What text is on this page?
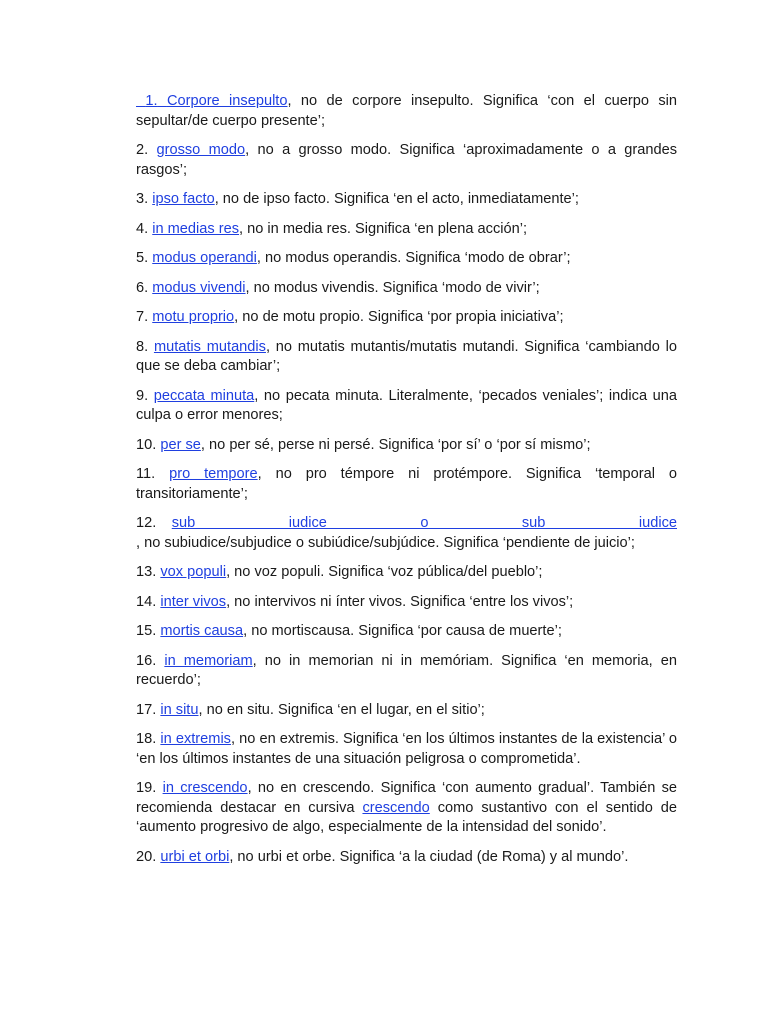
1. Corpore insepulto, no de corpore insepulto. Significa ‘con el cuerpo sin sepultar/de cuerpo presente’;

2. grosso modo, no a grosso modo. Significa ‘aproximadamente o a grandes rasgos’;

3. ipso facto, no de ipso facto. Significa ‘en el acto, inmediatamente’;

4. in medias res, no in media res. Significa ‘en plena acción’;

5. modus operandi, no modus operandis. Significa ‘modo de obrar’;

6. modus vivendi, no modus vivendis. Significa ‘modo de vivir’;

7. motu proprio, no de motu propio. Significa ‘por propia iniciativa’;

8. mutatis mutandis, no mutatis mutantis/mutatis mutandi. Significa ‘cambiando lo que se deba cambiar’;

9. peccata minuta, no pecata minuta. Literalmente, ‘pecados veniales’; indica una culpa o error menores;

10. per se, no per sé, perse ni persé. Significa ‘por sí’ o ‘por sí mismo’;

11. pro tempore, no pro témpore ni protémpore. Significa ‘temporal o transitoriamente’;

12. sub iudice o sub iudice
, no subiudice/subjudice o subiúdice/subjúdice. Significa ‘pendiente de juicio’;

13. vox populi, no voz populi. Significa ‘voz pública/del pueblo’;

14. inter vivos, no intervivos ni ínter vivos. Significa ‘entre los vivos’;

15. mortis causa, no mortiscausa. Significa ‘por causa de muerte’;

16. in memoriam, no in memorian ni in memóriam. Significa ‘en memoria, en recuerdo’;

17. in situ, no en situ. Significa ‘en el lugar, en el sitio’;

18. in extremis, no en extremis. Significa ‘en los últimos instantes de la existencia’ o ‘en los últimos instantes de una situación peligrosa o comprometida’.

19. in crescendo, no en crescendo. Significa ‘con aumento gradual’. También se recomienda destacar en cursiva crescendo como sustantivo con el sentido de ‘aumento progresivo de algo, especialmente de la intensidad del sonido’.

20. urbi et orbi, no urbi et orbe. Significa ‘a la ciudad (de Roma) y al mundo’.
